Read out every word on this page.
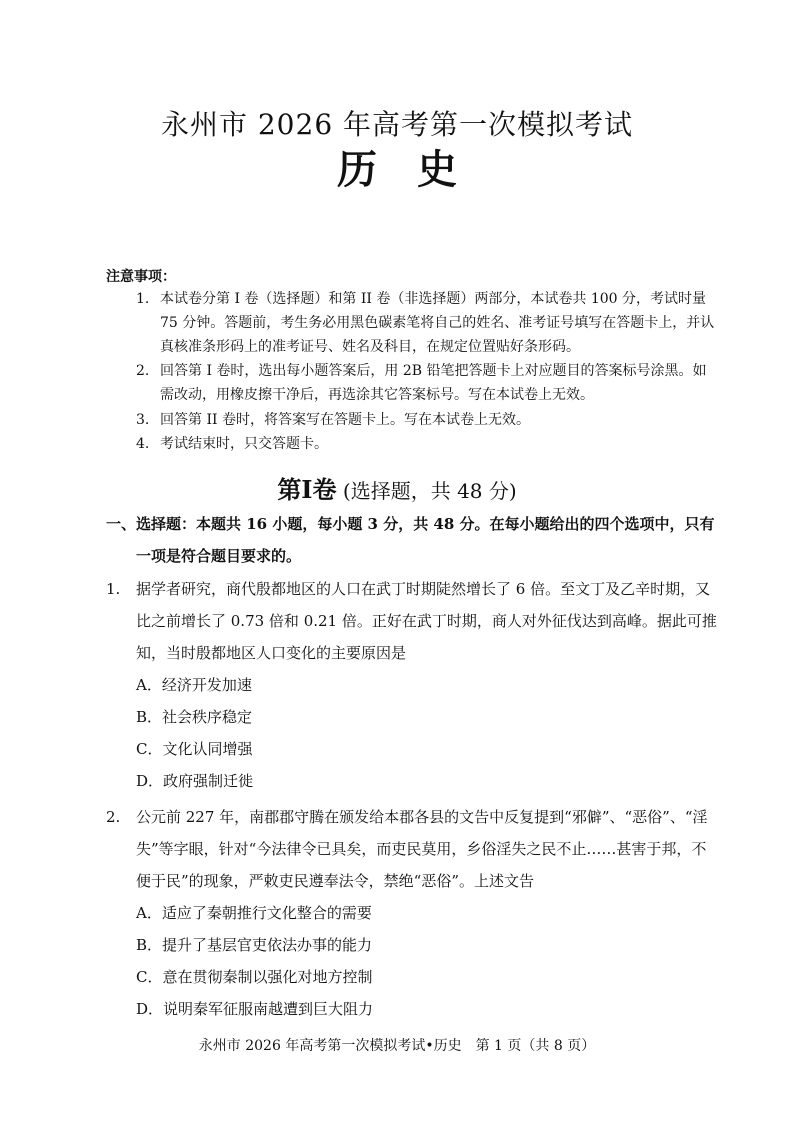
永州市 2026 年高考第一次模拟考试
历史
注意事项：
1. 本试卷分第 I 卷（选择题）和第 II 卷（非选择题）两部分，本试卷共 100 分，考试时量 75 分钟。答题前，考生务必用黑色碳素笔将自己的姓名、准考证号填写在答题卡上，并认真核准条形码上的准考证号、姓名及科目，在规定位置贴好条形码。
2. 回答第 I 卷时，选出每小题答案后，用 2B 铅笔把答题卡上对应题目的答案标号涂黑。如需改动，用橡皮擦干净后，再选涂其它答案标号。写在本试卷上无效。
3. 回答第 II 卷时，将答案写在答题卡上。写在本试卷上无效。
4. 考试结束时，只交答题卡。
第Ⅰ卷 (选择题，共 48 分)
一、选择题：本题共 16 小题，每小题 3 分，共 48 分。在每小题给出的四个选项中，只有
一项是符合题目要求的。
1. 据学者研究，商代殷都地区的人口在武丁时期陡然增长了 6 倍。至文丁及乙辛时期，又比之前增长了 0.73 倍和 0.21 倍。正好在武丁时期，商人对外征伐达到高峰。据此可推知，当时殷都地区人口变化的主要原因是
A．经济开发加速
B．社会秩序稳定
C．文化认同增强
D．政府强制迁徙
2. 公元前 227 年，南郡郡守腾在颁发给本郡各县的文告中反复提到“邪僻”、“恶俗”、“淫失”等字眼，针对“今法律令已具矣，而吏民莫用，乡俗淫失之民不止……甚害于邦，不便于民”的现象，严敕吏民遵奉法令，禁绝“恶俗”。上述文告
A．适应了秦朝推行文化整合的需要
B．提升了基层官吏依法办事的能力
C．意在贯彻秦制以强化对地方控制
D．说明秦军征服南越遭到巨大阻力
永州市 2026 年高考第一次模拟考试•历史　第 1 页（共 8 页）
